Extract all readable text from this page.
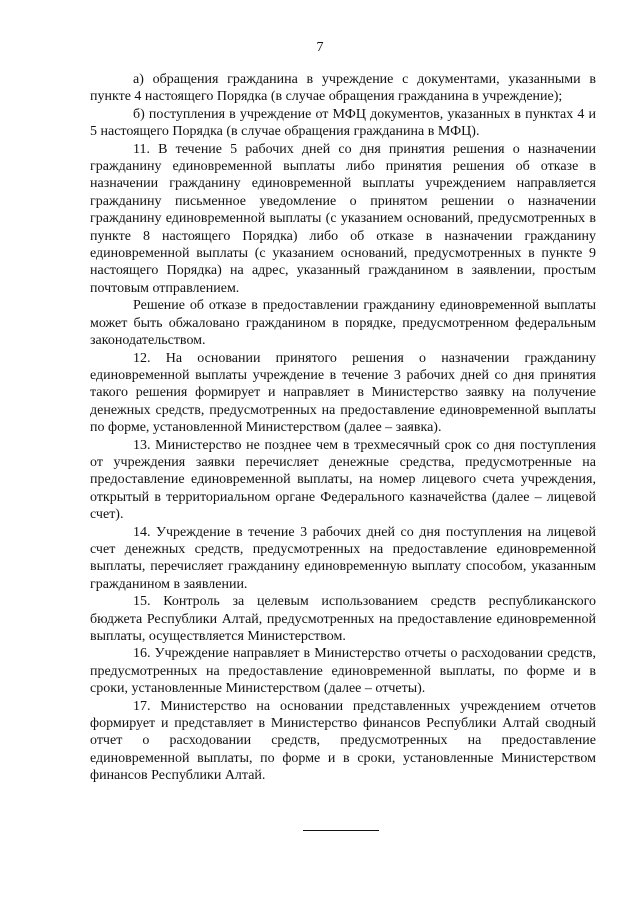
7

а) обращения гражданина в учреждение с документами, указанными в пункте 4 настоящего Порядка (в случае обращения гражданина в учреждение);

б) поступления в учреждение от МФЦ документов, указанных в пунктах 4 и 5 настоящего Порядка (в случае обращения гражданина в МФЦ).

11. В течение 5 рабочих дней со дня принятия решения о назначении гражданину единовременной выплаты либо принятия решения об отказе в назначении гражданину единовременной выплаты учреждением направляется гражданину письменное уведомление о принятом решении о назначении гражданину единовременной выплаты (с указанием оснований, предусмотренных в пункте 8 настоящего Порядка) либо об отказе в назначении гражданину единовременной выплаты (с указанием оснований, предусмотренных в пункте 9 настоящего Порядка) на адрес, указанный гражданином в заявлении, простым почтовым отправлением.

Решение об отказе в предоставлении гражданину единовременной выплаты может быть обжаловано гражданином в порядке, предусмотренном федеральным законодательством.

12. На основании принятого решения о назначении гражданину единовременной выплаты учреждение в течение 3 рабочих дней со дня принятия такого решения формирует и направляет в Министерство заявку на получение денежных средств, предусмотренных на предоставление единовременной выплаты по форме, установленной Министерством (далее – заявка).

13. Министерство не позднее чем в трехмесячный срок со дня поступления от учреждения заявки перечисляет денежные средства, предусмотренные на предоставление единовременной выплаты, на номер лицевого счета учреждения, открытый в территориальном органе Федерального казначейства (далее – лицевой счет).

14. Учреждение в течение 3 рабочих дней со дня поступления на лицевой счет денежных средств, предусмотренных на предоставление единовременной выплаты, перечисляет гражданину единовременную выплату способом, указанным гражданином в заявлении.

15. Контроль за целевым использованием средств республиканского бюджета Республики Алтай, предусмотренных на предоставление единовременной выплаты, осуществляется Министерством.

16. Учреждение направляет в Министерство отчеты о расходовании средств, предусмотренных на предоставление единовременной выплаты, по форме и в сроки, установленные Министерством (далее – отчеты).

17. Министерство на основании представленных учреждением отчетов формирует и представляет в Министерство финансов Республики Алтай сводный отчет о расходовании средств, предусмотренных на предоставление единовременной выплаты, по форме и в сроки, установленные Министерством финансов Республики Алтай.
